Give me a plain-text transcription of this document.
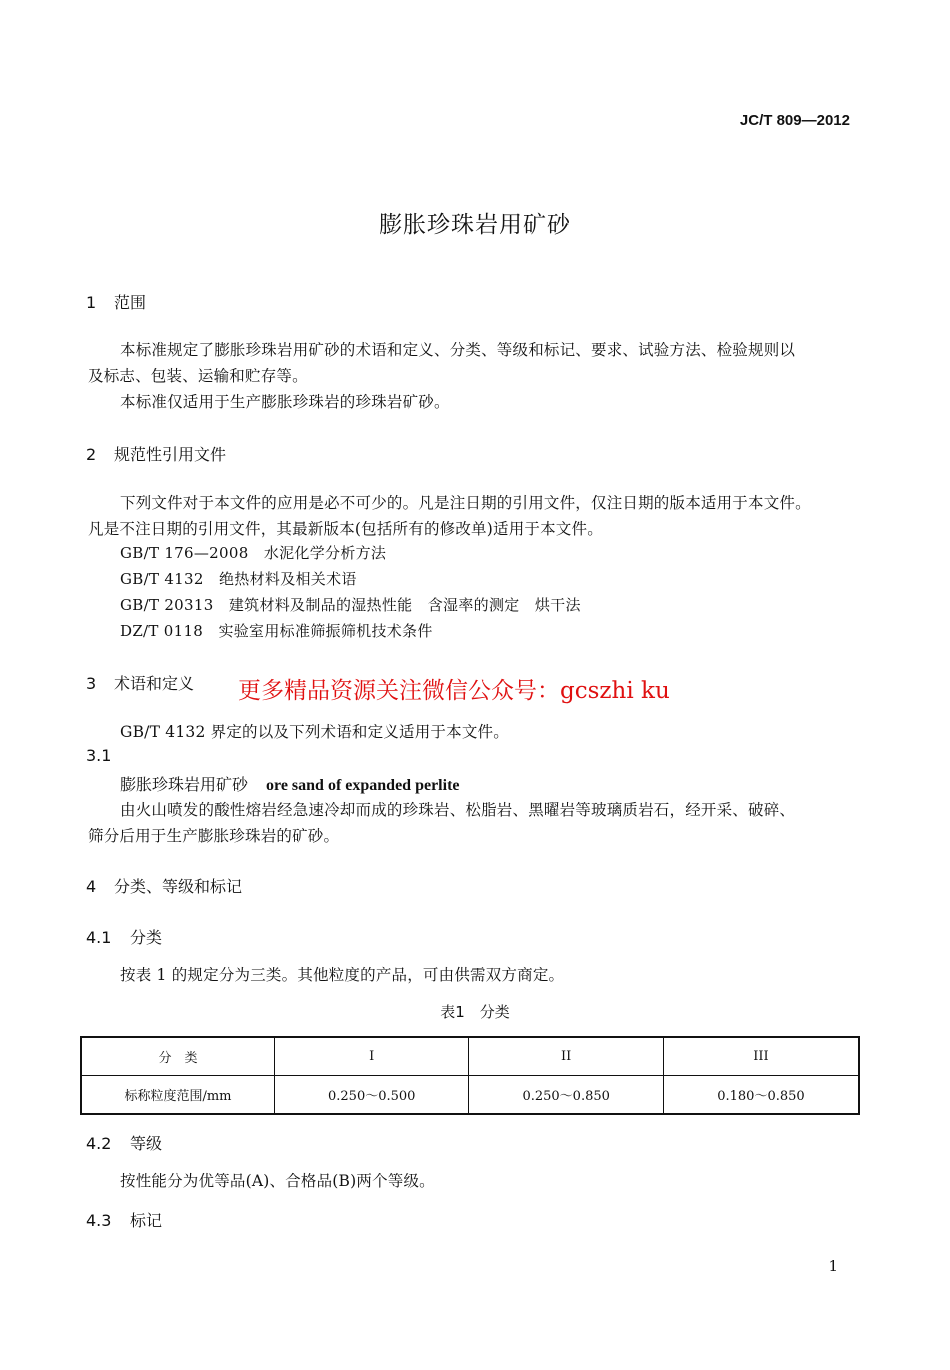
JC/T 809—2012
膨胀珍珠岩用矿砂
1 范围
本标准规定了膨胀珍珠岩用矿砂的术语和定义、分类、等级和标记、要求、试验方法、检验规则以
及标志、包装、运输和贮存等。
本标准仅适用于生产膨胀珍珠岩的珍珠岩矿砂。
2 规范性引用文件
下列文件对于本文件的应用是必不可少的。凡是注日期的引用文件，仅注日期的版本适用于本文件。
凡是不注日期的引用文件，其最新版本(包括所有的修改单)适用于本文件。
GB/T 176—2008　水泥化学分析方法
GB/T 4132　绝热材料及相关术语
GB/T 20313　建筑材料及制品的湿热性能　含湿率的测定　烘干法
DZ/T 0118　实验室用标准筛振筛机技术条件
3 术语和定义 更多精品资源关注微信公众号：gcszhi ku
GB/T 4132 界定的以及下列术语和定义适用于本文件。
3.1
膨胀珍珠岩用矿砂 ore sand of expanded perlite
由火山喷发的酸性熔岩经急速冷却而成的珍珠岩、松脂岩、黑曜岩等玻璃质岩石，经开采、破碎、
筛分后用于生产膨胀珍珠岩的矿砂。
4 分类、等级和标记
4.1 分类
按表 1 的规定分为三类。其他粒度的产品，可由供需双方商定。
表1　分类
分　类	I	II	III
标称粒度范围/mm	0.250～0.500	0.250～0.850	0.180～0.850
4.2 等级
按性能分为优等品(A)、合格品(B)两个等级。
4.3 标记
1
